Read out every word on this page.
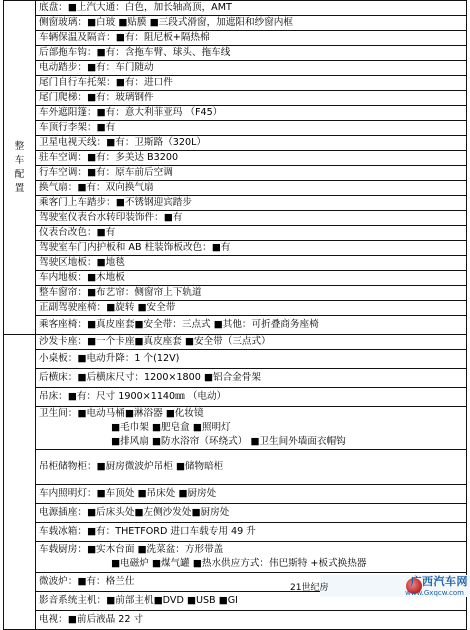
整
车
配
置	底盘：■上汽大通：白色，加长轴高顶，AMT
	侧窗玻璃：■白玻 ■贴膜 ■三段式滑窗，加遮阳和纱窗内框
	车辆保温及隔音：■有：阻尼板+隔热棉
	后部拖车钩：■有：含拖车臂、球头、拖车线
	电动踏步：■有：车门随动
	尾门自行车托架：■有：进口件
	尾门爬梯：■有：玻璃钢件
	车外遮阳篷：■有：意大利菲亚玛 （F45）
	车顶行李架：■有
	卫星电视天线：■有：卫斯路（320L）
	驻车空调：■有：多美达 B3200
	行车空调：■有：原车前后空调
	换气扇：■有：双向换气扇
	乘客门上车踏步：■不锈钢迎宾踏步
	驾驶室仪表台水转印装饰件：■有
	仪表台改色：■有
	驾驶室车门内护板和 AB 柱装饰板改色：■有
	驾驶区地板：■地毯
	车内地板：■木地板
	整车窗帘：■布艺帘：侧窗帘上下轨道
	正副驾驶座椅：■旋转 ■安全带
	乘客座椅：■真皮座套■安全带：三点式 ■其他：可折叠商务座椅
	沙发卡座：■一个卡座■真皮座套 ■安全带（三点式）
	小桌板：■电动升降：1 个(12V)
	后横床：■后横床尺寸：1200×1800 ■铝合金骨架
	吊床：■有：尺寸 1900×1140㎜ （电动）

	卫生间：■电动马桶■淋浴器 ■化妆镜
■毛巾架 ■肥皂盒 ■照明灯
■排风扇 ■防水浴帘（环绕式） ■卫生间外墙面衣帽钩

	吊柜储物柜：■厨房微波炉吊柜 ■储物暗柜

	车内照明灯：■车顶处 ■吊床处 ■厨房处
	电源插座：■后床头处■左侧沙发处■厨房处
	车载冰箱：■有：THETFORD 进口车载专用 49 升

	车载厨房：■实木台面 ■洗菜盆：方形带盖
■电磁炉 ■煤气罐 ■热水供应方式：伟巴斯特 +板式换热器

	微波炉：■有：格兰仕
	影音系统主机：■前部主机■DVD ■USB ■GI
	电视：■前后液晶 22 寸
广西汽车网
www.Gxqcw.com
21世纪房
